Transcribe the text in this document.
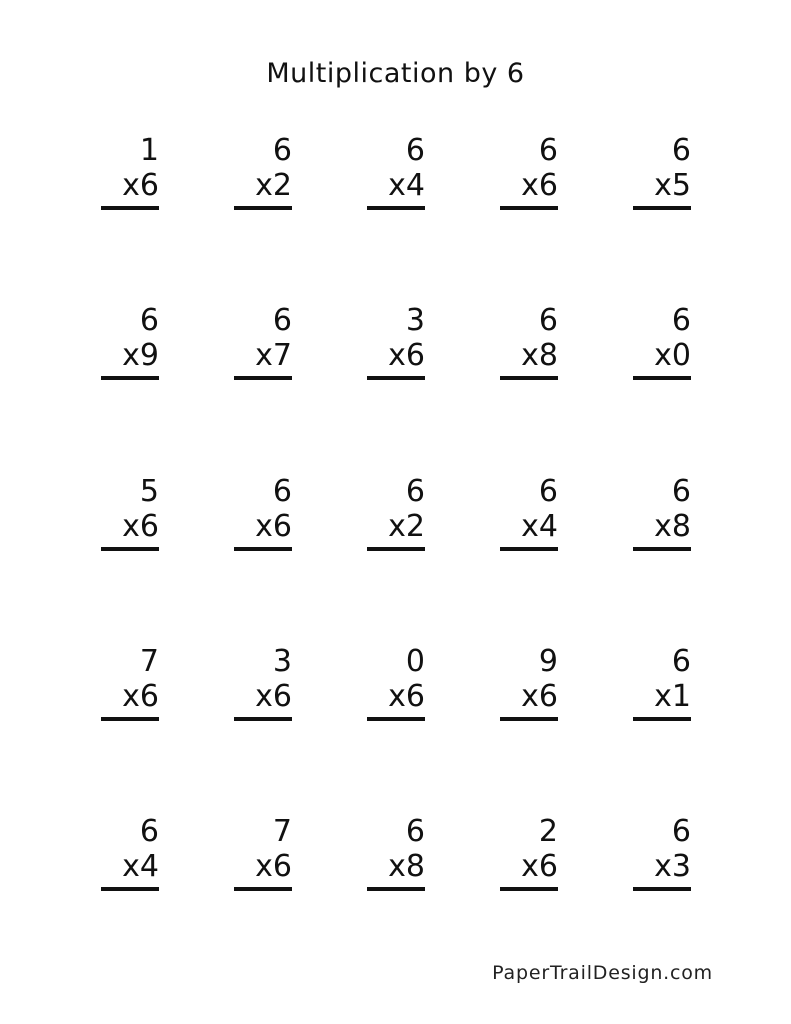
Multiplication by 6
1
x6
6
x2
6
x4
6
x6
6
x5
6
x9
6
x7
3
x6
6
x8
6
x0
5
x6
6
x6
6
x2
6
x4
6
x8
7
x6
3
x6
0
x6
9
x6
6
x1
6
x4
7
x6
6
x8
2
x6
6
x3
PaperTrailDesign.com
